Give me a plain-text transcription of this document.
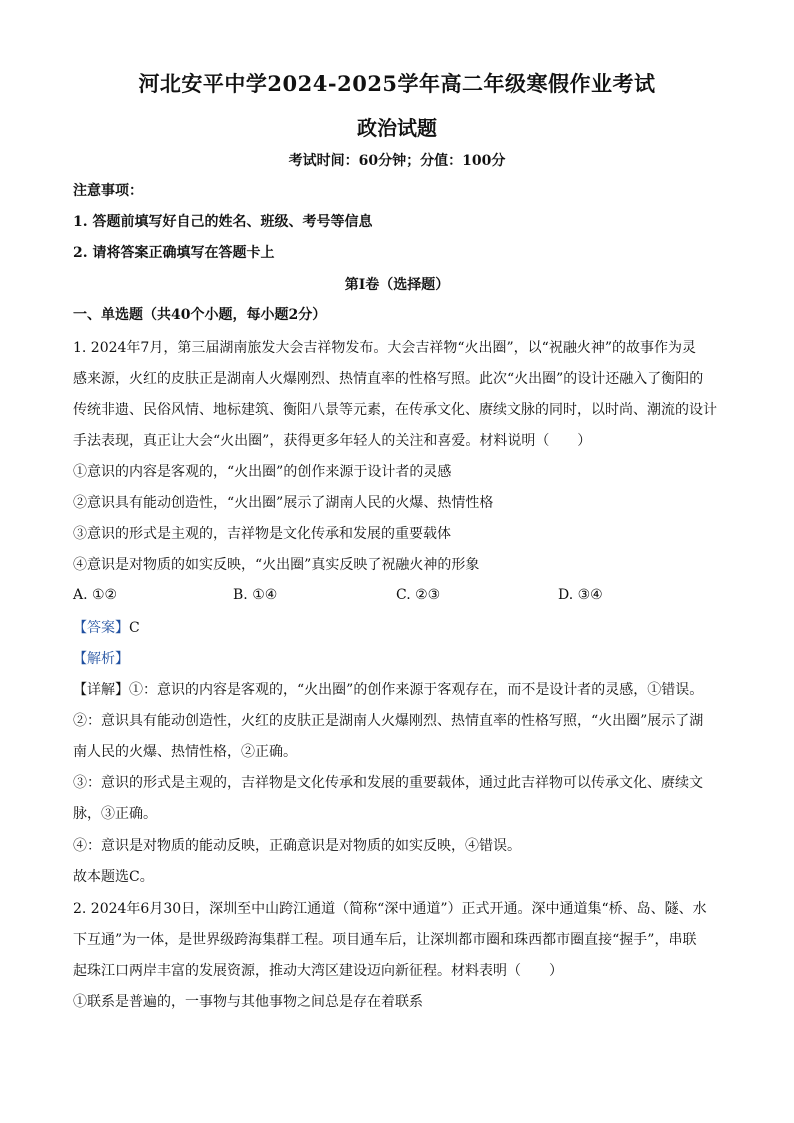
河北安平中学2024-2025学年高二年级寒假作业考试
政治试题
考试时间：60分钟；分值：100分
注意事项：
1. 答题前填写好自己的姓名、班级、考号等信息
2. 请将答案正确填写在答题卡上
第Ⅰ卷（选择题）
一、单选题（共40个小题，每小题2分）
1. 2024年7月，第三届湖南旅发大会吉祥物发布。大会吉祥物“火出圈”，以“祝融火神”的故事作为灵
感来源，火红的皮肤正是湖南人火爆刚烈、热情直率的性格写照。此次“火出圈”的设计还融入了衡阳的
传统非遗、民俗风情、地标建筑、衡阳八景等元素，在传承文化、赓续文脉的同时，以时尚、潮流的设计
手法表现，真正让大会“火出圈”，获得更多年轻人的关注和喜爱。材料说明（　　）
①意识的内容是客观的，“火出圈”的创作来源于设计者的灵感
②意识具有能动创造性，“火出圈”展示了湖南人民的火爆、热情性格
③意识的形式是主观的，吉祥物是文化传承和发展的重要载体
④意识是对物质的如实反映，“火出圈”真实反映了祝融火神的形象
A. ①②	B. ①④	C. ②③	D. ③④
【答案】C
【解析】
【详解】①：意识的内容是客观的，“火出圈”的创作来源于客观存在，而不是设计者的灵感，①错误。
②：意识具有能动创造性，火红的皮肤正是湖南人火爆刚烈、热情直率的性格写照，“火出圈”展示了湖
南人民的火爆、热情性格，②正确。
③：意识的形式是主观的，吉祥物是文化传承和发展的重要载体，通过此吉祥物可以传承文化、赓续文
脉，③正确。
④：意识是对物质的能动反映，正确意识是对物质的如实反映，④错误。
故本题选C。
2. 2024年6月30日，深圳至中山跨江通道（简称“深中通道”）正式开通。深中通道集“桥、岛、隧、水
下互通”为一体，是世界级跨海集群工程。项目通车后，让深圳都市圈和珠西都市圈直接“握手”，串联
起珠江口两岸丰富的发展资源，推动大湾区建设迈向新征程。材料表明（　　）
①联系是普遍的，一事物与其他事物之间总是存在着联系
